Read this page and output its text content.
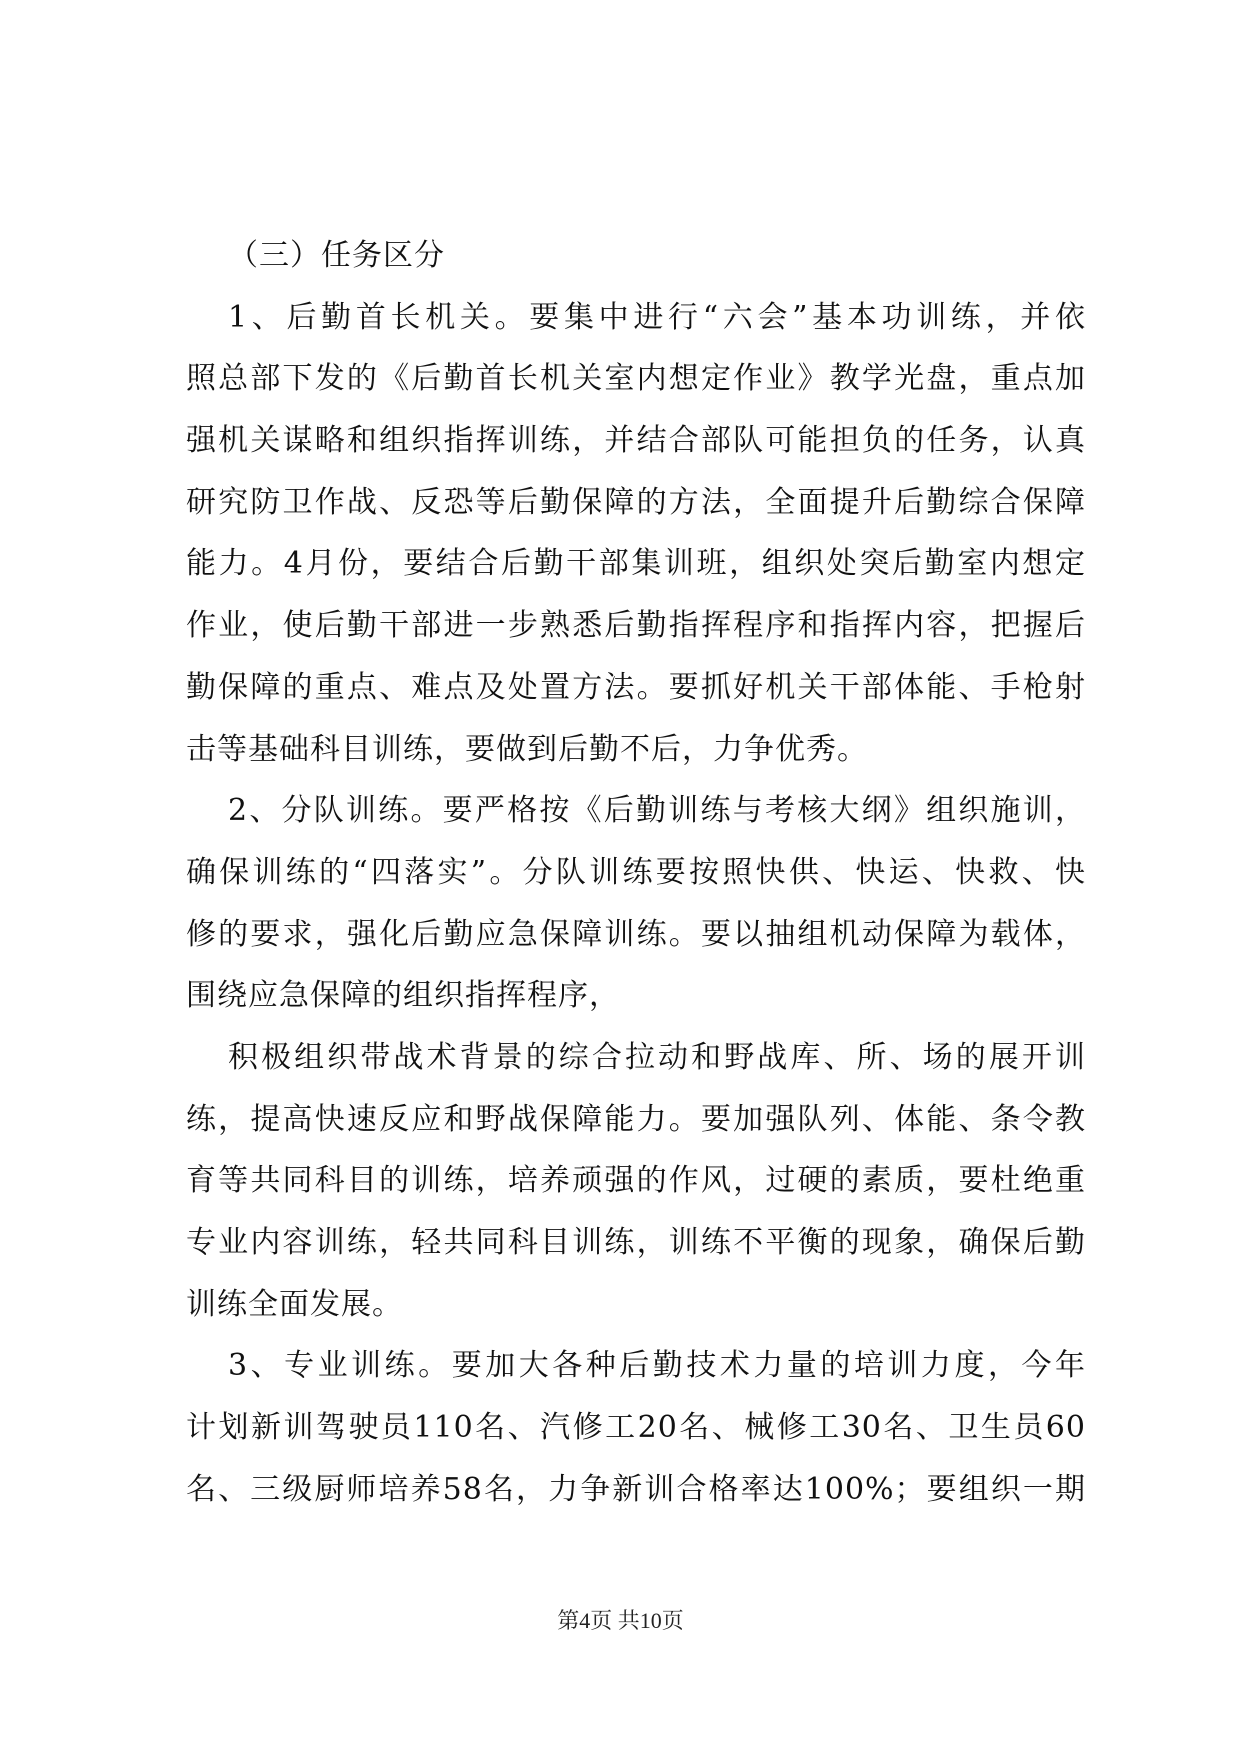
（三）任务区分
1、后勤首长机关。要集中进行“六会”基本功训练，并依
照总部下发的《后勤首长机关室内想定作业》教学光盘，重点加
强机关谋略和组织指挥训练，并结合部队可能担负的任务，认真
研究防卫作战、反恐等后勤保障的方法，全面提升后勤综合保障
能力。4月份，要结合后勤干部集训班，组织处突后勤室内想定
作业，使后勤干部进一步熟悉后勤指挥程序和指挥内容，把握后
勤保障的重点、难点及处置方法。要抓好机关干部体能、手枪射
击等基础科目训练，要做到后勤不后，力争优秀。
2、分队训练。要严格按《后勤训练与考核大纲》组织施训，
确保训练的“四落实”。分队训练要按照快供、快运、快救、快
修的要求，强化后勤应急保障训练。要以抽组机动保障为载体，
围绕应急保障的组织指挥程序，
积极组织带战术背景的综合拉动和野战库、所、场的展开训
练，提高快速反应和野战保障能力。要加强队列、体能、条令教
育等共同科目的训练，培养顽强的作风，过硬的素质，要杜绝重
专业内容训练，轻共同科目训练，训练不平衡的现象，确保后勤
训练全面发展。
3、专业训练。要加大各种后勤技术力量的培训力度，今年
计划新训驾驶员110名、汽修工20名、械修工30名、卫生员60
名、三级厨师培养58名，力争新训合格率达100%；要组织一期
第4页 共10页
